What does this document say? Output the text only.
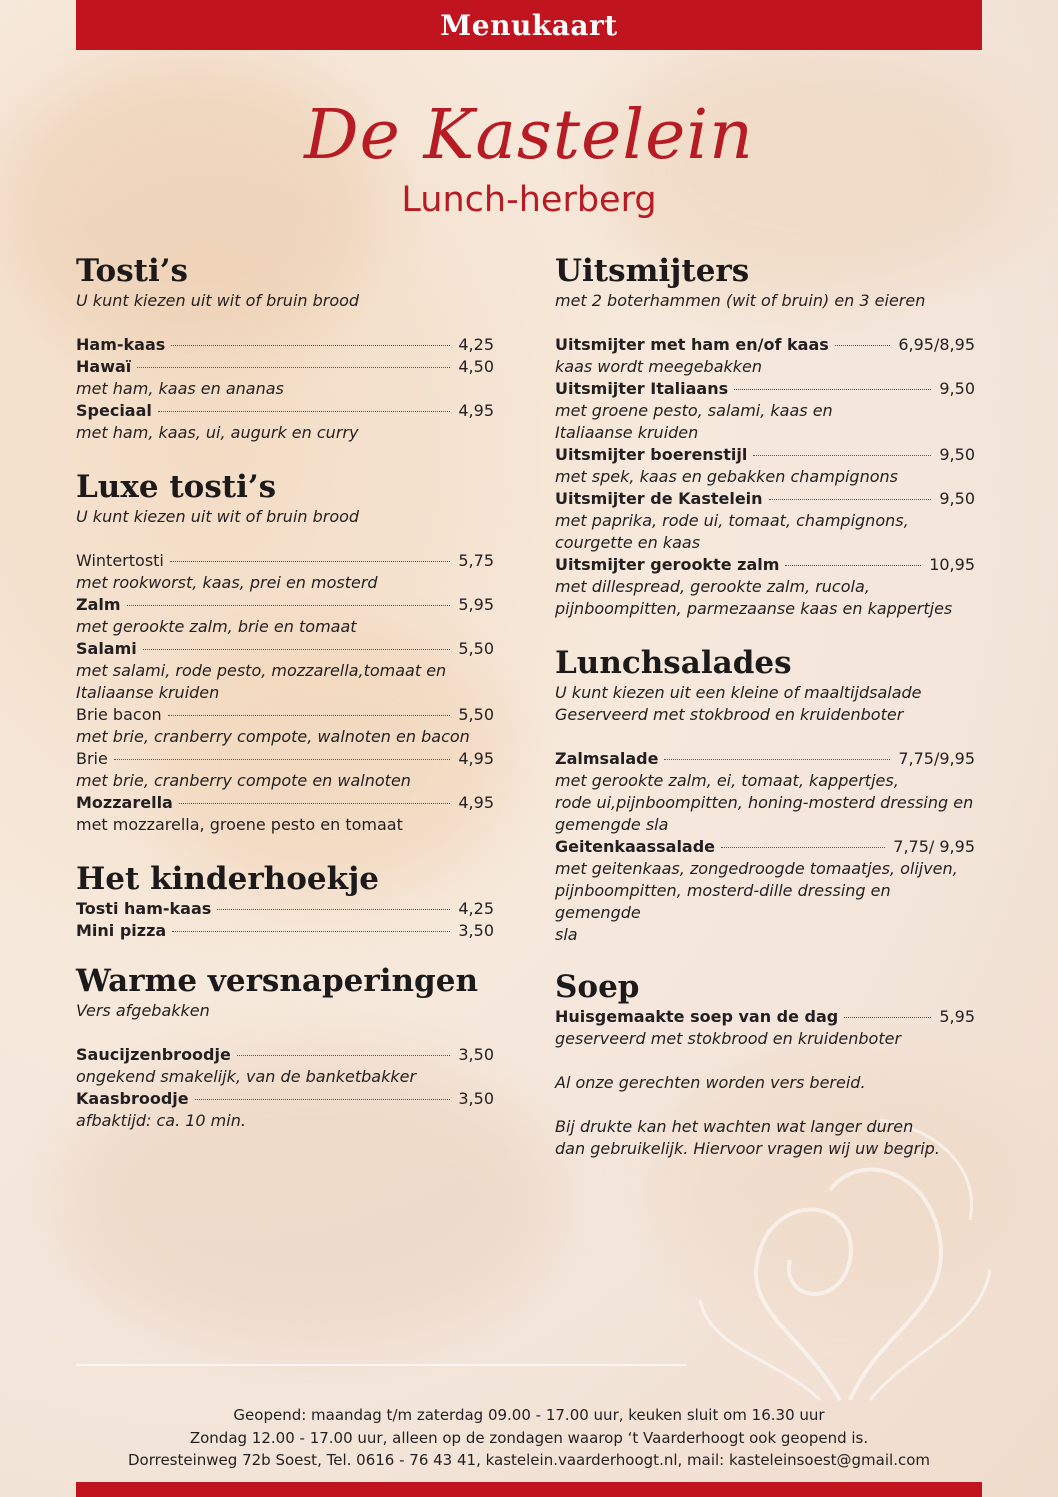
Menukaart
De Kastelein
Lunch-herberg
Tosti’s

U kunt kiezen uit wit of bruin brood

Ham-kaas	4,25
Hawaï	4,50

met ham, kaas en ananas

Speciaal	4,95

met ham, kaas, ui, augurk en curry

Luxe tosti’s

U kunt kiezen uit wit of bruin brood

Wintertosti	5,75

met rookworst, kaas, prei en mosterd

Zalm	5,95

met gerookte zalm, brie en tomaat

Salami	5,50

met salami, rode pesto, mozzarella,tomaat en

Italiaanse kruiden

Brie bacon	5,50

met brie, cranberry compote, walnoten en bacon

Brie	4,95

met brie, cranberry compote en walnoten

Mozzarella	4,95

met mozzarella, groene pesto en tomaat

Het kinderhoekje
Tosti ham-kaas	4,25
Mini pizza	3,50
Warme versnaperingen

Vers afgebakken

Saucijzenbroodje	3,50

ongekend smakelijk, van de banketbakker

Kaasbroodje	3,50

afbaktijd: ca. 10 min.

Uitsmijters

met 2 boterhammen (wit of bruin) en 3 eieren

Uitsmijter met ham en/of kaas	6,95/8,95

kaas wordt meegebakken

Uitsmijter Italiaans	9,50

met groene pesto, salami, kaas en

Italiaanse kruiden

Uitsmijter boerenstijl	9,50

met spek, kaas en gebakken champignons

Uitsmijter de Kastelein	9,50

met paprika, rode ui, tomaat, champignons,

courgette en kaas

Uitsmijter gerookte zalm	10,95

met dillespread, gerookte zalm, rucola,

pijnboompitten, parmezaanse kaas en kappertjes

Lunchsalades

U kunt kiezen uit een kleine of maaltijdsalade

Geserveerd met stokbrood en kruidenboter

Zalmsalade	7,75/9,95

met gerookte zalm, ei, tomaat, kappertjes,

rode ui,pijnboompitten, honing-mosterd dressing en

gemengde sla

Geitenkaassalade	7,75/ 9,95

met geitenkaas, zongedroogde tomaatjes, olijven,

pijnboompitten, mosterd-dille dressing en gemengde

sla

Soep
Huisgemaakte soep van de dag	5,95

geserveerd met stokbrood en kruidenboter

Al onze gerechten worden vers bereid.

Bij drukte kan het wachten wat langer duren

dan gebruikelijk. Hiervoor vragen wij uw begrip.

Geopend: maandag t/m zaterdag 09.00 - 17.00 uur, keuken sluit om 16.30 uur
Zondag 12.00 - 17.00 uur, alleen op de zondagen waarop ‘t Vaarderhoogt ook geopend is.
Dorresteinweg 72b Soest, Tel. 0616 - 76 43 41, kastelein.vaarderhoogt.nl, mail: kasteleinsoest@gmail.com
